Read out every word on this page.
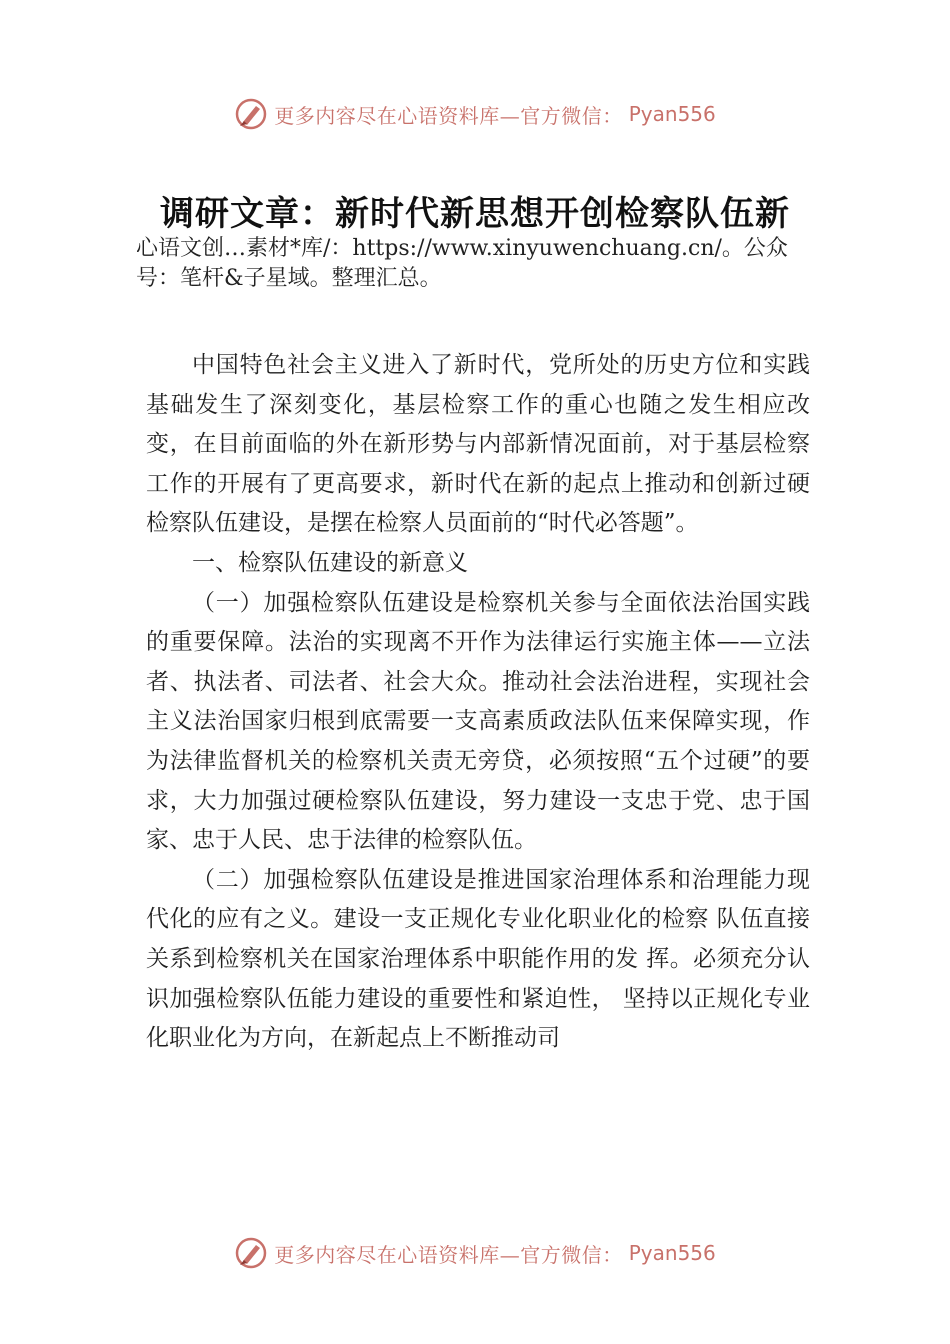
更多内容尽在心语资料库—官方微信： Pyan556
调研文章：新时代新思想开创检察队伍新
心语文创…素材*库/：https://www.xinyuwenchuang.cn/。公众号：笔杆&子星域。整理汇总。

中国特色社会主义进入了新时代，党所处的历史方位和实践基础发生了深刻变化，基层检察工作的重心也随之发生相应改变，在目前面临的外在新形势与内部新情况面前，对于基层检察工作的开展有了更高要求，新时代在新的起点上推动和创新过硬检察队伍建设，是摆在检察人员面前的“时代必答题”。

一、检察队伍建设的新意义

（一）加强检察队伍建设是检察机关参与全面依法治国实践的重要保障。法治的实现离不开作为法律运行实施主体——立法者、执法者、司法者、社会大众。推动社会法治进程，实现社会主义法治国家归根到底需要一支高素质政法队伍来保障实现，作为法律监督机关的检察机关责无旁贷，必须按照“五个过硬”的要求，大力加强过硬检察队伍建设，努力建设一支忠于党、忠于国家、忠于人民、忠于法律的检察队伍。

（二）加强检察队伍建设是推进国家治理体系和治理能力现代化的应有之义。建设一支正规化专业化职业化的检察 队伍直接关系到检察机关在国家治理体系中职能作用的发 挥。必须充分认识加强检察队伍能力建设的重要性和紧迫性， 坚持以正规化专业化职业化为方向，在新起点上不断推动司

更多内容尽在心语资料库—官方微信： Pyan556
